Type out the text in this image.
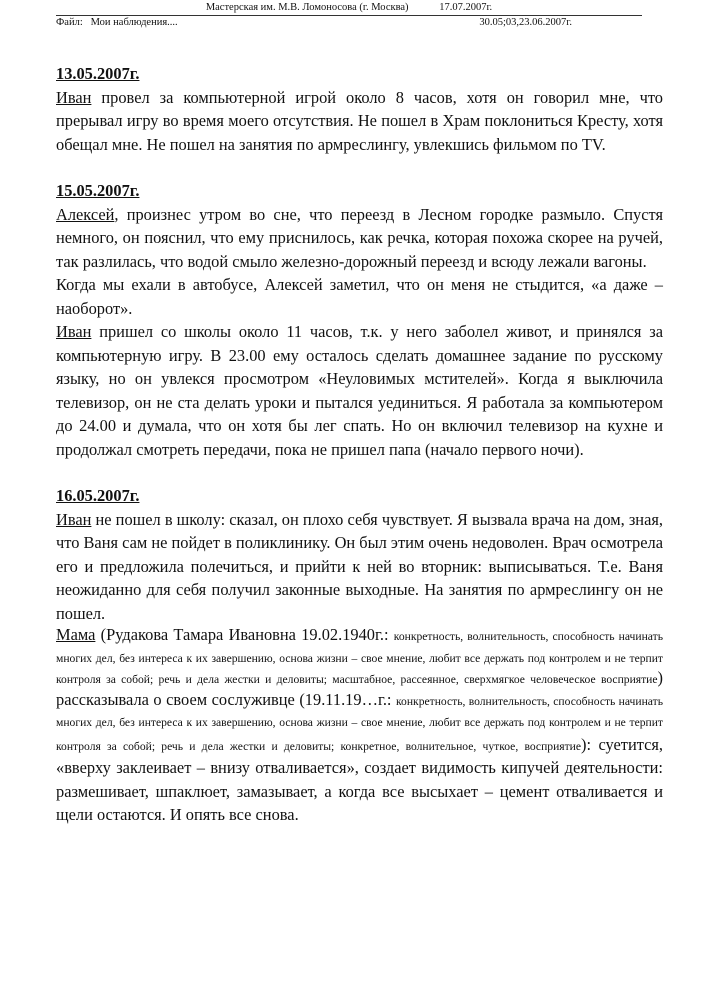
Мастерская им. М.В. Ломоносова (г. Москва)	17.07.2007г.
Файл: Мои наблюдения....	30.05;03,23.06.2007г.
13.05.2007г.

Иван провел за компьютерной игрой около 8 часов, хотя он говорил мне, что прерывал игру во время моего отсутствия. Не пошел в Храм поклониться Кресту, хотя обещал мне. Не пошел на занятия по армреслингу, увлекшись фильмом по TV.

15.05.2007г.

Алексей, произнес утром во сне, что переезд в Лесном городке размыло. Спустя немного, он пояснил, что ему приснилось, как речка, которая похожа скорее на ручей, так разлилась, что водой смыло железно-дорожный переезд и всюду лежали вагоны.

Когда мы ехали в автобусе, Алексей заметил, что он меня не стыдится, «а даже – наоборот».

Иван пришел со школы около 11 часов, т.к. у него заболел живот, и принялся за компьютерную игру. В 23.00 ему осталось сделать домашнее задание по русскому языку, но он увлекся просмотром «Неуловимых мстителей». Когда я выключила телевизор, он не ста делать уроки и пытался уединиться. Я работала за компьютером до 24.00 и думала, что он хотя бы лег спать. Но он включил телевизор на кухне и продолжал смотреть передачи, пока не пришел папа (начало первого ночи).

16.05.2007г.

Иван не пошел в школу: сказал, он плохо себя чувствует. Я вызвала врача на дом, зная, что Ваня сам не пойдет в поликлинику. Он был этим очень недоволен. Врач осмотрела его и предложила полечиться, и прийти к ней во вторник: выписываться. Т.е. Ваня неожиданно для себя получил законные выходные. На занятия по армреслингу он не пошел.

Мама (Рудакова Тамара Ивановна 19.02.1940г.: конкретность, волнительность, способность начинать многих дел, без интереса к их завершению, основа жизни – свое мнение, любит все держать под контролем и не терпит контроля за собой; речь и дела жестки и деловиты; масштабное, рассеянное, сверхмягкое человеческое восприятие) рассказывала о своем сослуживце (19.11.19…г.: конкретность, волнительность, способность начинать многих дел, без интереса к их завершению, основа жизни – свое мнение, любит все держать под контролем и не терпит контроля за собой; речь и дела жестки и деловиты; конкретное, волнительное, чуткое, восприятие): суетится, «вверху заклеивает – внизу отваливается», создает видимость кипучей деятельности: размешивает, шпаклюет, замазывает, а когда все высыхает – цемент отваливается и щели остаются. И опять все снова.
